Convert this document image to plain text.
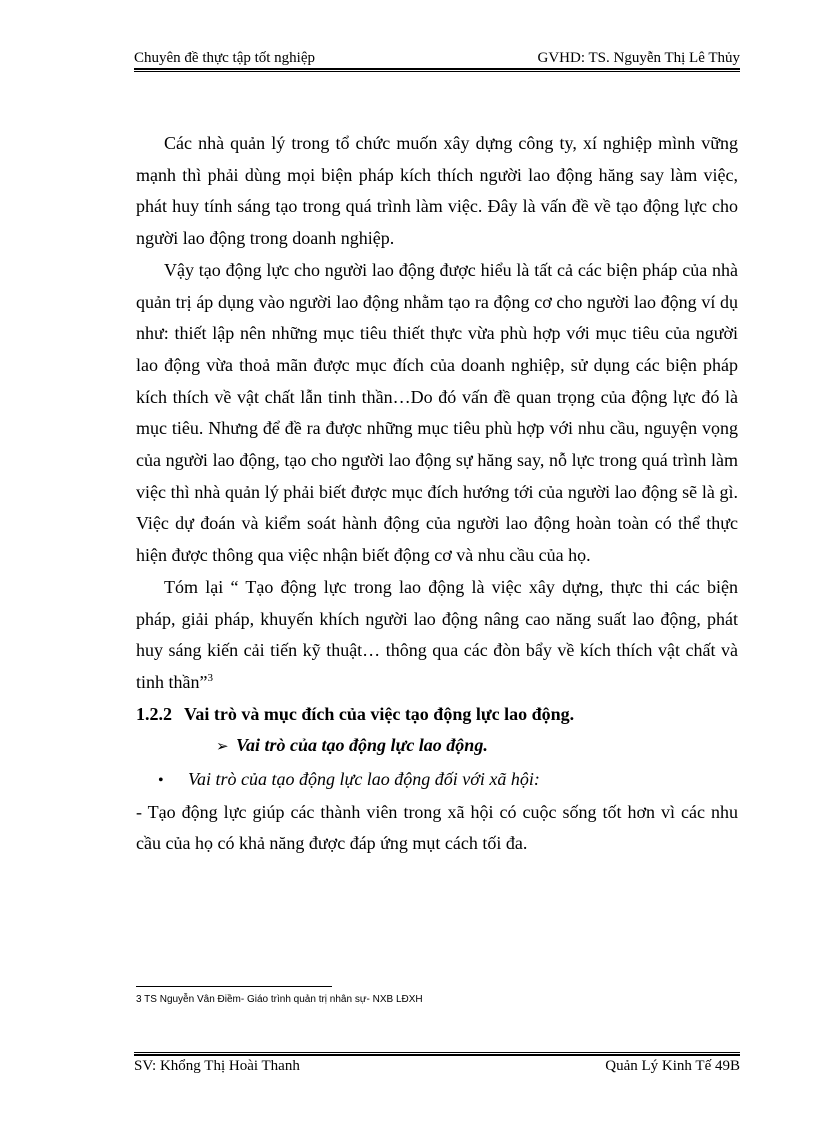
Chuyên đề thực tập tốt nghiệp	GVHD: TS. Nguyễn Thị Lê Thủy

Các nhà quản lý trong tổ chức muốn xây dựng công ty, xí nghiệp mình vững mạnh thì phải dùng mọi biện pháp kích thích người lao động hăng say làm việc, phát huy tính sáng tạo trong quá trình làm việc. Đây là vấn đề về tạo động lực cho người lao động trong doanh nghiệp.

Vậy tạo động lực cho người lao động được hiểu là tất cả các biện pháp của nhà quản trị áp dụng vào người lao động nhằm tạo ra động cơ cho người lao động ví dụ như: thiết lập nên những mục tiêu thiết thực vừa phù hợp với mục tiêu của người lao động vừa thoả mãn được mục đích của doanh nghiệp, sử dụng các biện pháp kích thích về vật chất lẫn tinh thần…Do đó vấn đề quan trọng của động lực đó là mục tiêu. Nhưng để đề ra được những mục tiêu phù hợp với nhu cầu, nguyện vọng của người lao động, tạo cho người lao động sự hăng say, nỗ lực trong quá trình làm việc thì nhà quản lý phải biết được mục đích hướng tới của người lao động sẽ là gì. Việc dự đoán và kiểm soát hành động của người lao động hoàn toàn có thể thực hiện được thông qua việc nhận biết động cơ và nhu cầu của họ.

Tóm lại “ Tạo động lực trong lao động là việc xây dựng, thực thi các biện pháp, giải pháp, khuyến khích người lao động nâng cao năng suất lao động, phát huy sáng kiến cải tiến kỹ thuật… thông qua các đòn bẩy về kích thích vật chất và tinh thần”$^3$

1.2.2 Vai trò và mục đích của việc tạo động lực lao động.

➢ Vai trò của tạo động lực lao động.

• Vai trò của tạo động lực lao động đối với xã hội:

- Tạo động lực giúp các thành viên trong xã hội có cuộc sống tốt hơn vì các nhu cầu của họ có khả năng được đáp ứng mụt cách tối đa.

3 TS Nguyễn Vân Điềm- Giáo trình quản trị nhân sự- NXB LĐXH
SV: Khổng Thị Hoài Thanh	Quản Lý Kinh Tế 49B
